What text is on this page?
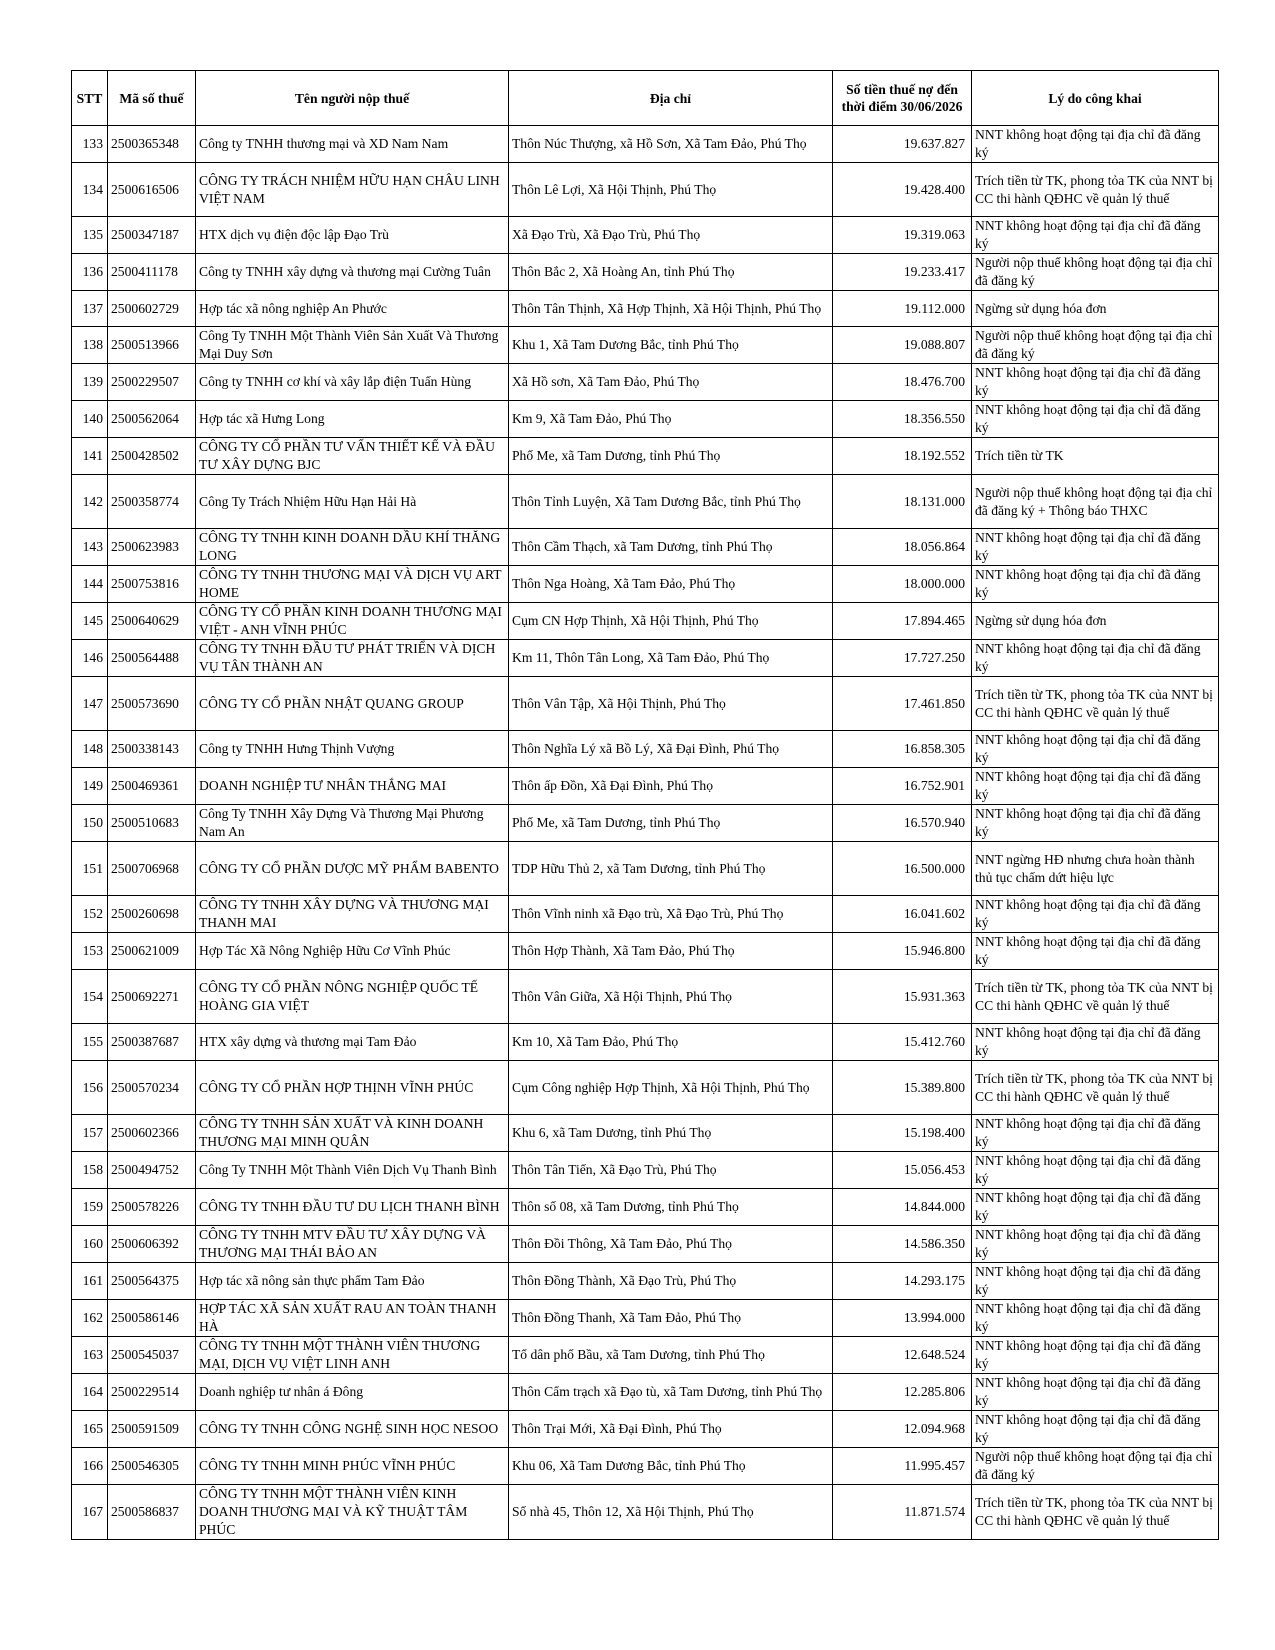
STT	Mã số thuế	Tên người nộp thuế	Địa chỉ	Số tiền thuế nợ đến thời điểm 30/06/2026	Lý do công khai
133	2500365348	Công ty TNHH thương mại và XD Nam Nam	Thôn Núc Thượng, xã Hồ Sơn, Xã Tam Đảo, Phú Thọ	19.637.827	NNT không hoạt động tại địa chỉ đã đăng ký
134	2500616506	CÔNG TY TRÁCH NHIỆM HỮU HẠN CHÂU LINH VIỆT NAM	Thôn Lê Lợi, Xã Hội Thịnh, Phú Thọ	19.428.400	Trích tiền từ TK, phong tỏa TK của NNT bị CC thi hành QĐHC về quản lý thuế
135	2500347187	HTX dịch vụ điện độc lập Đạo Trù	Xã Đạo Trù, Xã Đạo Trù, Phú Thọ	19.319.063	NNT không hoạt động tại địa chỉ đã đăng ký
136	2500411178	Công ty TNHH xây dựng và thương mại Cường Tuân	Thôn Bắc 2, Xã Hoàng An, tỉnh Phú Thọ	19.233.417	Người nộp thuế không hoạt động tại địa chỉ đã đăng ký
137	2500602729	Hợp tác xã nông nghiệp An Phước	Thôn Tân Thịnh, Xã Hợp Thịnh, Xã Hội Thịnh, Phú Thọ	19.112.000	Ngừng sử dụng hóa đơn
138	2500513966	Công Ty TNHH Một Thành Viên Sản Xuất Và Thương Mại Duy Sơn	Khu 1, Xã Tam Dương Bắc, tỉnh Phú Thọ	19.088.807	Người nộp thuế không hoạt động tại địa chỉ đã đăng ký
139	2500229507	Công ty TNHH cơ khí và xây lắp điện Tuấn Hùng	Xã Hồ sơn, Xã Tam Đảo, Phú Thọ	18.476.700	NNT không hoạt động tại địa chỉ đã đăng ký
140	2500562064	Hợp tác xã Hưng Long	Km 9, Xã Tam Đảo, Phú Thọ	18.356.550	NNT không hoạt động tại địa chỉ đã đăng ký
141	2500428502	CÔNG TY CỔ PHẦN TƯ VẤN THIẾT KẾ VÀ ĐẦU TƯ XÂY DỰNG BJC	Phố Me, xã Tam Dương, tỉnh Phú Thọ	18.192.552	Trích tiền từ TK
142	2500358774	Công Ty Trách Nhiệm Hữu Hạn Hải Hà	Thôn Tỉnh Luyện, Xã Tam Dương Bắc, tỉnh Phú Thọ	18.131.000	Người nộp thuế không hoạt động tại địa chỉ đã đăng ký + Thông báo THXC
143	2500623983	CÔNG TY TNHH KINH DOANH DẦU KHÍ THĂNG LONG	Thôn Cầm Thạch, xã Tam Dương, tỉnh Phú Thọ	18.056.864	NNT không hoạt động tại địa chỉ đã đăng ký
144	2500753816	CÔNG TY TNHH THƯƠNG MẠI VÀ DỊCH VỤ ART HOME	Thôn Nga Hoàng, Xã Tam Đảo, Phú Thọ	18.000.000	NNT không hoạt động tại địa chỉ đã đăng ký
145	2500640629	CÔNG TY CỔ PHẦN KINH DOANH THƯƠNG MẠI VIỆT - ANH VĨNH PHÚC	Cụm CN Hợp Thịnh, Xã Hội Thịnh, Phú Thọ	17.894.465	Ngừng sử dụng hóa đơn
146	2500564488	CÔNG TY TNHH ĐẦU TƯ PHÁT TRIỂN VÀ DỊCH VỤ TÂN THÀNH AN	Km 11, Thôn Tân Long, Xã Tam Đảo, Phú Thọ	17.727.250	NNT không hoạt động tại địa chỉ đã đăng ký
147	2500573690	CÔNG TY CỔ PHẦN NHẬT QUANG GROUP	Thôn Vân Tập, Xã Hội Thịnh, Phú Thọ	17.461.850	Trích tiền từ TK, phong tỏa TK của NNT bị CC thi hành QĐHC về quản lý thuế
148	2500338143	Công ty TNHH Hưng Thịnh Vượng	Thôn Nghĩa Lý xã Bồ Lý, Xã Đại Đình, Phú Thọ	16.858.305	NNT không hoạt động tại địa chỉ đã đăng ký
149	2500469361	DOANH NGHIỆP TƯ NHÂN THẮNG MAI	Thôn ấp Đồn, Xã Đại Đình, Phú Thọ	16.752.901	NNT không hoạt động tại địa chỉ đã đăng ký
150	2500510683	Công Ty TNHH Xây Dựng Và Thương Mại Phương Nam An	Phố Me, xã Tam Dương, tỉnh Phú Thọ	16.570.940	NNT không hoạt động tại địa chỉ đã đăng ký
151	2500706968	CÔNG TY CỔ PHẦN DƯỢC MỸ PHẨM BABENTO	TDP Hữu Thủ 2, xã Tam Dương, tỉnh Phú Thọ	16.500.000	NNT ngừng HĐ nhưng chưa hoàn thành thủ tục chấm dứt hiệu lực
152	2500260698	CÔNG TY TNHH XÂY DỰNG VÀ THƯƠNG MẠI THANH MAI	Thôn Vĩnh ninh xã Đạo trù, Xã Đạo Trù, Phú Thọ	16.041.602	NNT không hoạt động tại địa chỉ đã đăng ký
153	2500621009	Hợp Tác Xã Nông Nghiệp Hữu Cơ Vĩnh Phúc	Thôn Hợp Thành, Xã Tam Đảo, Phú Thọ	15.946.800	NNT không hoạt động tại địa chỉ đã đăng ký
154	2500692271	CÔNG TY CỔ PHẦN NÔNG NGHIỆP QUỐC TẾ HOÀNG GIA VIỆT	Thôn Vân Giữa, Xã Hội Thịnh, Phú Thọ	15.931.363	Trích tiền từ TK, phong tỏa TK của NNT bị CC thi hành QĐHC về quản lý thuế
155	2500387687	HTX xây dựng và thương mại Tam Đảo	Km 10, Xã Tam Đảo, Phú Thọ	15.412.760	NNT không hoạt động tại địa chỉ đã đăng ký
156	2500570234	CÔNG TY CỔ PHẦN HỢP THỊNH VĨNH PHÚC	Cụm Công nghiệp Hợp Thịnh, Xã Hội Thịnh, Phú Thọ	15.389.800	Trích tiền từ TK, phong tỏa TK của NNT bị CC thi hành QĐHC về quản lý thuế
157	2500602366	CÔNG TY TNHH SẢN XUẤT VÀ KINH DOANH THƯƠNG MẠI MINH QUÂN	Khu 6, xã Tam Dương, tỉnh Phú Thọ	15.198.400	NNT không hoạt động tại địa chỉ đã đăng ký
158	2500494752	Công Ty TNHH Một Thành Viên Dịch Vụ Thanh Bình	Thôn Tân Tiến, Xã Đạo Trù, Phú Thọ	15.056.453	NNT không hoạt động tại địa chỉ đã đăng ký
159	2500578226	CÔNG TY TNHH ĐẦU TƯ DU LỊCH THANH BÌNH	Thôn số 08, xã Tam Dương, tỉnh Phú Thọ	14.844.000	NNT không hoạt động tại địa chỉ đã đăng ký
160	2500606392	CÔNG TY TNHH MTV ĐẦU TƯ XÂY DỰNG VÀ THƯƠNG MẠI THÁI BẢO AN	Thôn Đồi Thông, Xã Tam Đảo, Phú Thọ	14.586.350	NNT không hoạt động tại địa chỉ đã đăng ký
161	2500564375	Hợp tác xã nông sản thực phẩm Tam Đảo	Thôn Đồng Thành, Xã Đạo Trù, Phú Thọ	14.293.175	NNT không hoạt động tại địa chỉ đã đăng ký
162	2500586146	HỢP TÁC XÃ SẢN XUẤT RAU AN TOÀN THANH HÀ	Thôn Đồng Thanh, Xã Tam Đảo, Phú Thọ	13.994.000	NNT không hoạt động tại địa chỉ đã đăng ký
163	2500545037	CÔNG TY TNHH MỘT THÀNH VIÊN THƯƠNG MẠI, DỊCH VỤ VIỆT LINH ANH	Tổ dân phố Bầu, xã Tam Dương, tỉnh Phú Thọ	12.648.524	NNT không hoạt động tại địa chỉ đã đăng ký
164	2500229514	Doanh nghiệp tư nhân á Đông	Thôn Cẩm trạch xã Đạo tù, xã Tam Dương, tỉnh Phú Thọ	12.285.806	NNT không hoạt động tại địa chỉ đã đăng ký
165	2500591509	CÔNG TY TNHH CÔNG NGHỆ SINH HỌC NESOO	Thôn Trại Mới, Xã Đại Đình, Phú Thọ	12.094.968	NNT không hoạt động tại địa chỉ đã đăng ký
166	2500546305	CÔNG TY TNHH MINH PHÚC VĨNH PHÚC	Khu 06, Xã Tam Dương Bắc, tỉnh Phú Thọ	11.995.457	Người nộp thuế không hoạt động tại địa chỉ đã đăng ký
167	2500586837	CÔNG TY TNHH MỘT THÀNH VIÊN KINH DOANH THƯƠNG MẠI VÀ KỸ THUẬT TÂM PHÚC	Số nhà 45, Thôn 12, Xã Hội Thịnh, Phú Thọ	11.871.574	Trích tiền từ TK, phong tỏa TK của NNT bị CC thi hành QĐHC về quản lý thuế
